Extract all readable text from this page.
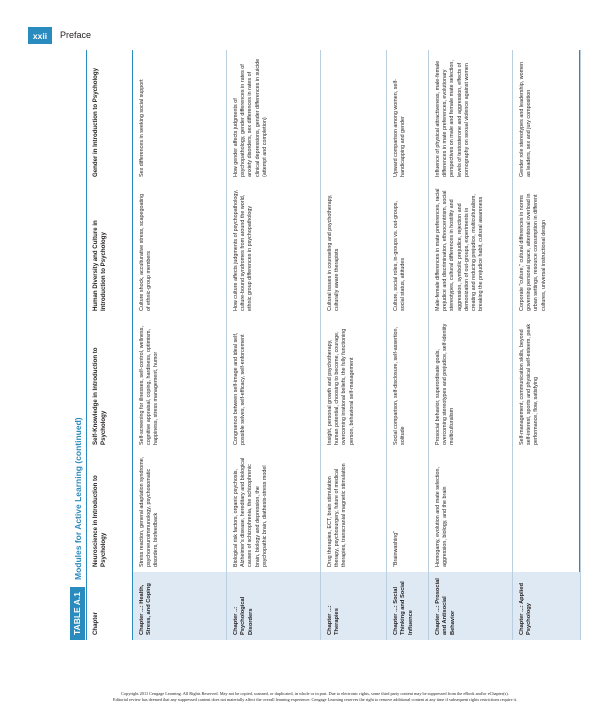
xxii	Preface
TABLE A.1
Modules for Active Learning (continued)
Chapter
Neuroscience in Introduction to Psychology
Self-Knowledge in Introduction to Psychology
Human Diversity and Culture in Introduction to Psychology
Gender in Introduction to Psychology
Chapter ...: Health, Stress, and Coping
Stress reaction, general adaptation syndrome, psychoneuroimmunology, psychosomatic disorders, biofeedback
Self-screening for illnesses, self-control, wellness, cognitive appraisal, coping, hardiness, optimism, happiness, stress management, humor
Culture shock, acculturative stress, scapegoating of ethnic-group members
Sex differences in seeking social support
Chapter ..: Psychological Disorders
Biological risk factors, organic psychosis, Alzheimer's disease, hereditary and biological causes of schizophrenia, the schizophrenic brain, biology and depression, the psychopathic brain, diathesis-stress model
Congruence between self-image and ideal self, possible selves, self-efficacy, self-enforcement
How culture affects judgments of psychopathology, culture-bound syndromes from around the world, ethnic group differences in psychopathology
How gender affects judgments of psychopathology, gender differences in rates of anxiety disorders, sex differences in rates of clinical depressions, gender differences in suicide (attempt and completion)
Chapter ...: Therapies
Drug therapies, ECT, brain stimulation therapy, psychosurgery, future of medical therapies, transcranial magnetic stimulation
Insight, personal growth and psychotherapy, human potential, choosing to become, courage, overcoming irrational beliefs, the fully functioning person, behavioral self-management
Cultural issues in counseling and psychotherapy, culturally aware therapists
Chapter ...: Social Thinking and Social Influence
"Brainwashing"
Social comparison, self-disclosure, self-assertion, solitude
Culture, social roles, in-groups vs. out-groups, social status, attitudes
Upward comparison among women, self-handicapping and gender
Chapter ...: Prosocial and Antisocial Behavior
Homogamy, evolution and mate selection, aggression, biology, and the brain
Prosocial behavior, superordinate goals, overcoming stereotypes and prejudice, self-identity multiculturalism
Male-female differences in mate preferences, racial prejudice and discrimination, ethnocentrism, social stereotypes, cultural differences in hostility and aggression, symbolic prejudice, rejection and demonization of out-groups, experiments in creating and reducing prejudice, multiculturalism, breaking the prejudice habit, cultural awareness
Influence of physical attractiveness, male-female differences in mate preferences, evolutionary perspectives on male and female mate selection, levels of testosterone and aggression, effects of pornography on sexual violence against women
Chapter ...: Applied Psychology
Self-management, communication skills, beyond self-interest, sports and physical self-esteem, peak performance, flow, satisfying
Corporate "culture," cultural differences in norms governing personal space, attentional overload in urban settings, resource consumption in different cultures, universal instructional design
Gender role stereotypes and leadership, women as leaders, sex and jury composition
Copyright 2011 Cengage Learning. All Rights Reserved. May not be copied, scanned, or duplicated, in whole or in part. Due to electronic rights, some third party content may be suppressed from the eBook and/or eChapter(s).
Editorial review has deemed that any suppressed content does not materially affect the overall learning experience. Cengage Learning reserves the right to remove additional content at any time if subsequent rights restrictions require it.
